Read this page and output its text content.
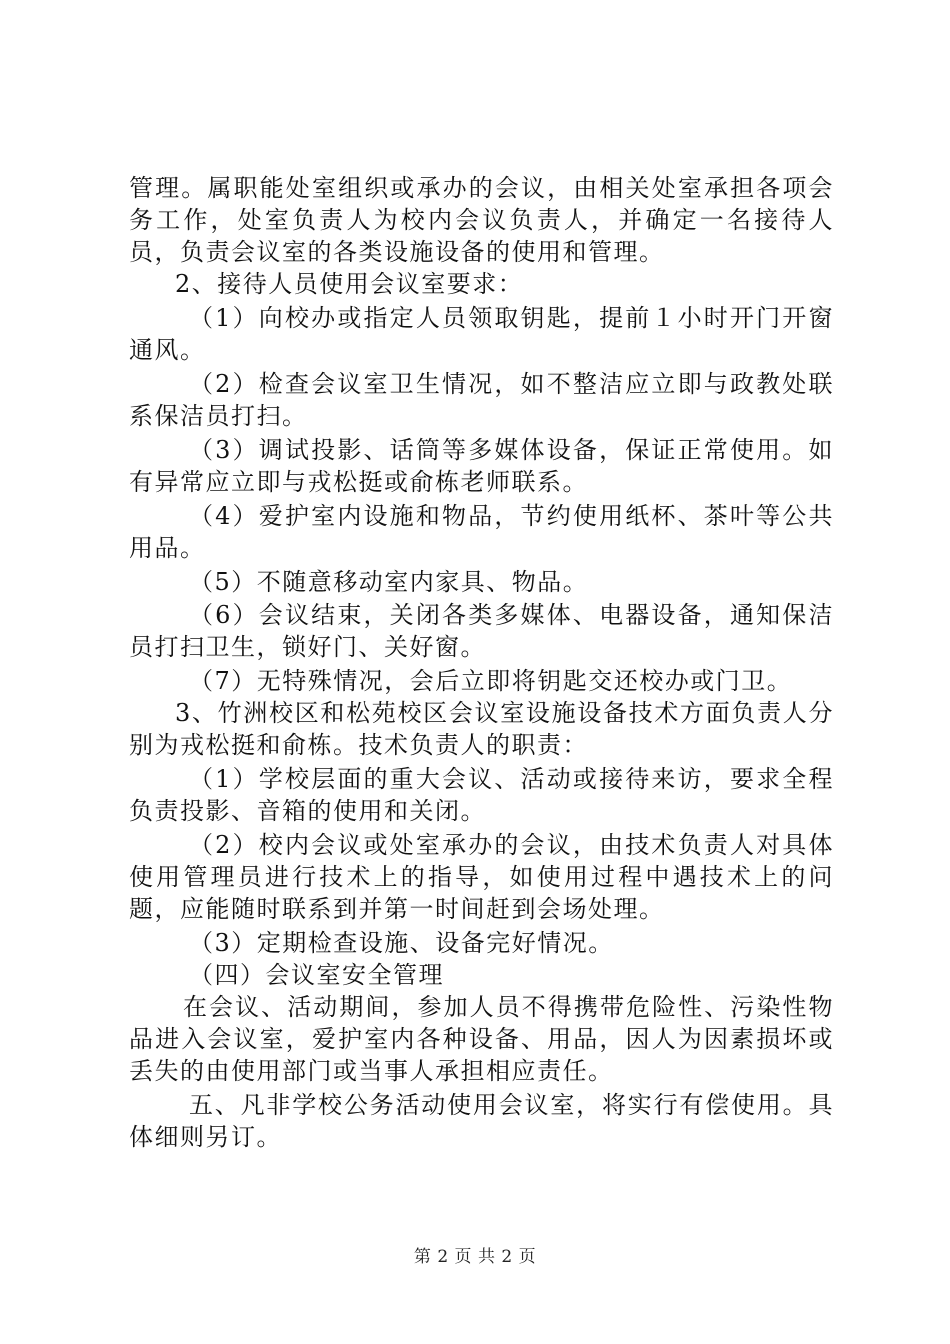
管理。属职能处室组织或承办的会议，由相关处室承担各项会务工作，处室负责人为校内会议负责人，并确定一名接待人员，负责会议室的各类设施设备的使用和管理。

2、接待人员使用会议室要求：

（1）向校办或指定人员领取钥匙，提前１小时开门开窗通风。

（2）检查会议室卫生情况，如不整洁应立即与政教处联系保洁员打扫。

（3）调试投影、话筒等多媒体设备，保证正常使用。如有异常应立即与戎松挺或俞栋老师联系。

（4）爱护室内设施和物品，节约使用纸杯、茶叶等公共用品。

（5）不随意移动室内家具、物品。

（6）会议结束，关闭各类多媒体、电器设备，通知保洁员打扫卫生，锁好门、关好窗。

（7）无特殊情况，会后立即将钥匙交还校办或门卫。

3、竹洲校区和松苑校区会议室设施设备技术方面负责人分别为戎松挺和俞栋。技术负责人的职责：

（1）学校层面的重大会议、活动或接待来访，要求全程负责投影、音箱的使用和关闭。

（2）校内会议或处室承办的会议，由技术负责人对具体使用管理员进行技术上的指导，如使用过程中遇技术上的问题，应能随时联系到并第一时间赶到会场处理。

（3）定期检查设施、设备完好情况。

（四）会议室安全管理

在会议、活动期间，参加人员不得携带危险性、污染性物品进入会议室，爱护室内各种设备、用品，因人为因素损坏或丢失的由使用部门或当事人承担相应责任。

五、凡非学校公务活动使用会议室，将实行有偿使用。具体细则另订。

第 2 页 共 2 页
